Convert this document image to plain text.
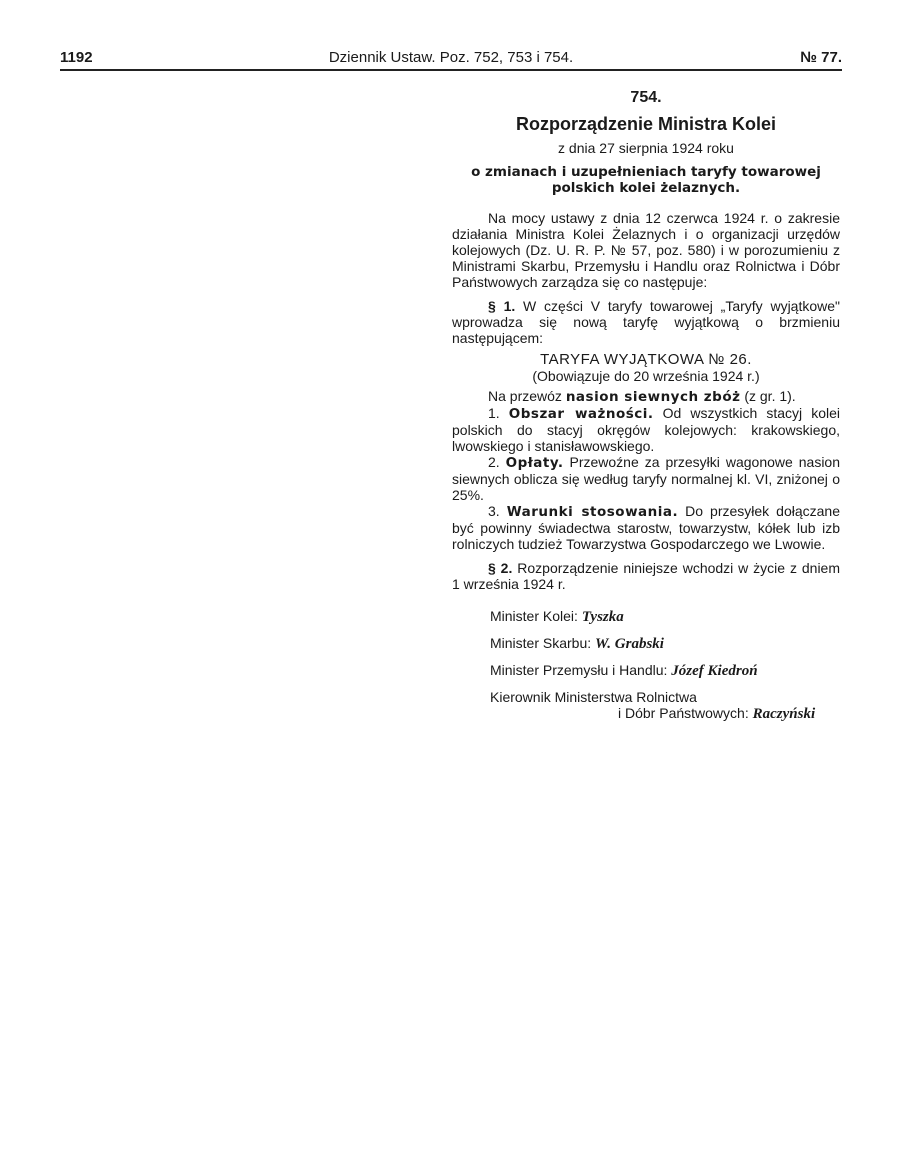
1192	Dziennik Ustaw. Poz. 752, 753 i 754.	№ 77.

754.

Rozporządzenie Ministra Kolei

z dnia 27 sierpnia 1924 roku

o zmianach i uzupełnieniach taryfy towarowej polskich kolei żelaznych.

Na mocy ustawy z dnia 12 czerwca 1924 r. o zakresie działania Ministra Kolei Żelaznych i o organizacji urzędów kolejowych (Dz. U. R. P. № 57, poz. 580) i w porozumieniu z Ministrami Skarbu, Przemysłu i Handlu oraz Rolnictwa i Dóbr Państwowych zarządza się co następuje:

§ 1. W części V taryfy towarowej „Taryfy wyjątkowe" wprowadza się nową taryfę wyjątkową o brzmieniu następującem:

TARYFA WYJĄTKOWA № 26.

(Obowiązuje do 20 września 1924 r.)

Na przewóz nasion siewnych zbóż (z gr. 1).

1. Obszar ważności. Od wszystkich stacyj kolei polskich do stacyj okręgów kolejowych: krakowskiego, lwowskiego i stanisławowskiego.

2. Opłaty. Przewoźne za przesyłki wagonowe nasion siewnych oblicza się według taryfy normalnej kl. VI, zniżonej o 25%.

3. Warunki stosowania. Do przesyłek dołączane być powinny świadectwa starostw, towarzystw, kółek lub izb rolniczych tudzież Towarzystwa Gospodarczego we Lwowie.

§ 2. Rozporządzenie niniejsze wchodzi w życie z dniem 1 września 1924 r.

Minister Kolei: Tyszka
Minister Skarbu: W. Grabski
Minister Przemysłu i Handlu: Józef Kiedroń
Kierownik Ministerstwa Rolnictwa
i Dóbr Państwowych: Raczyński
